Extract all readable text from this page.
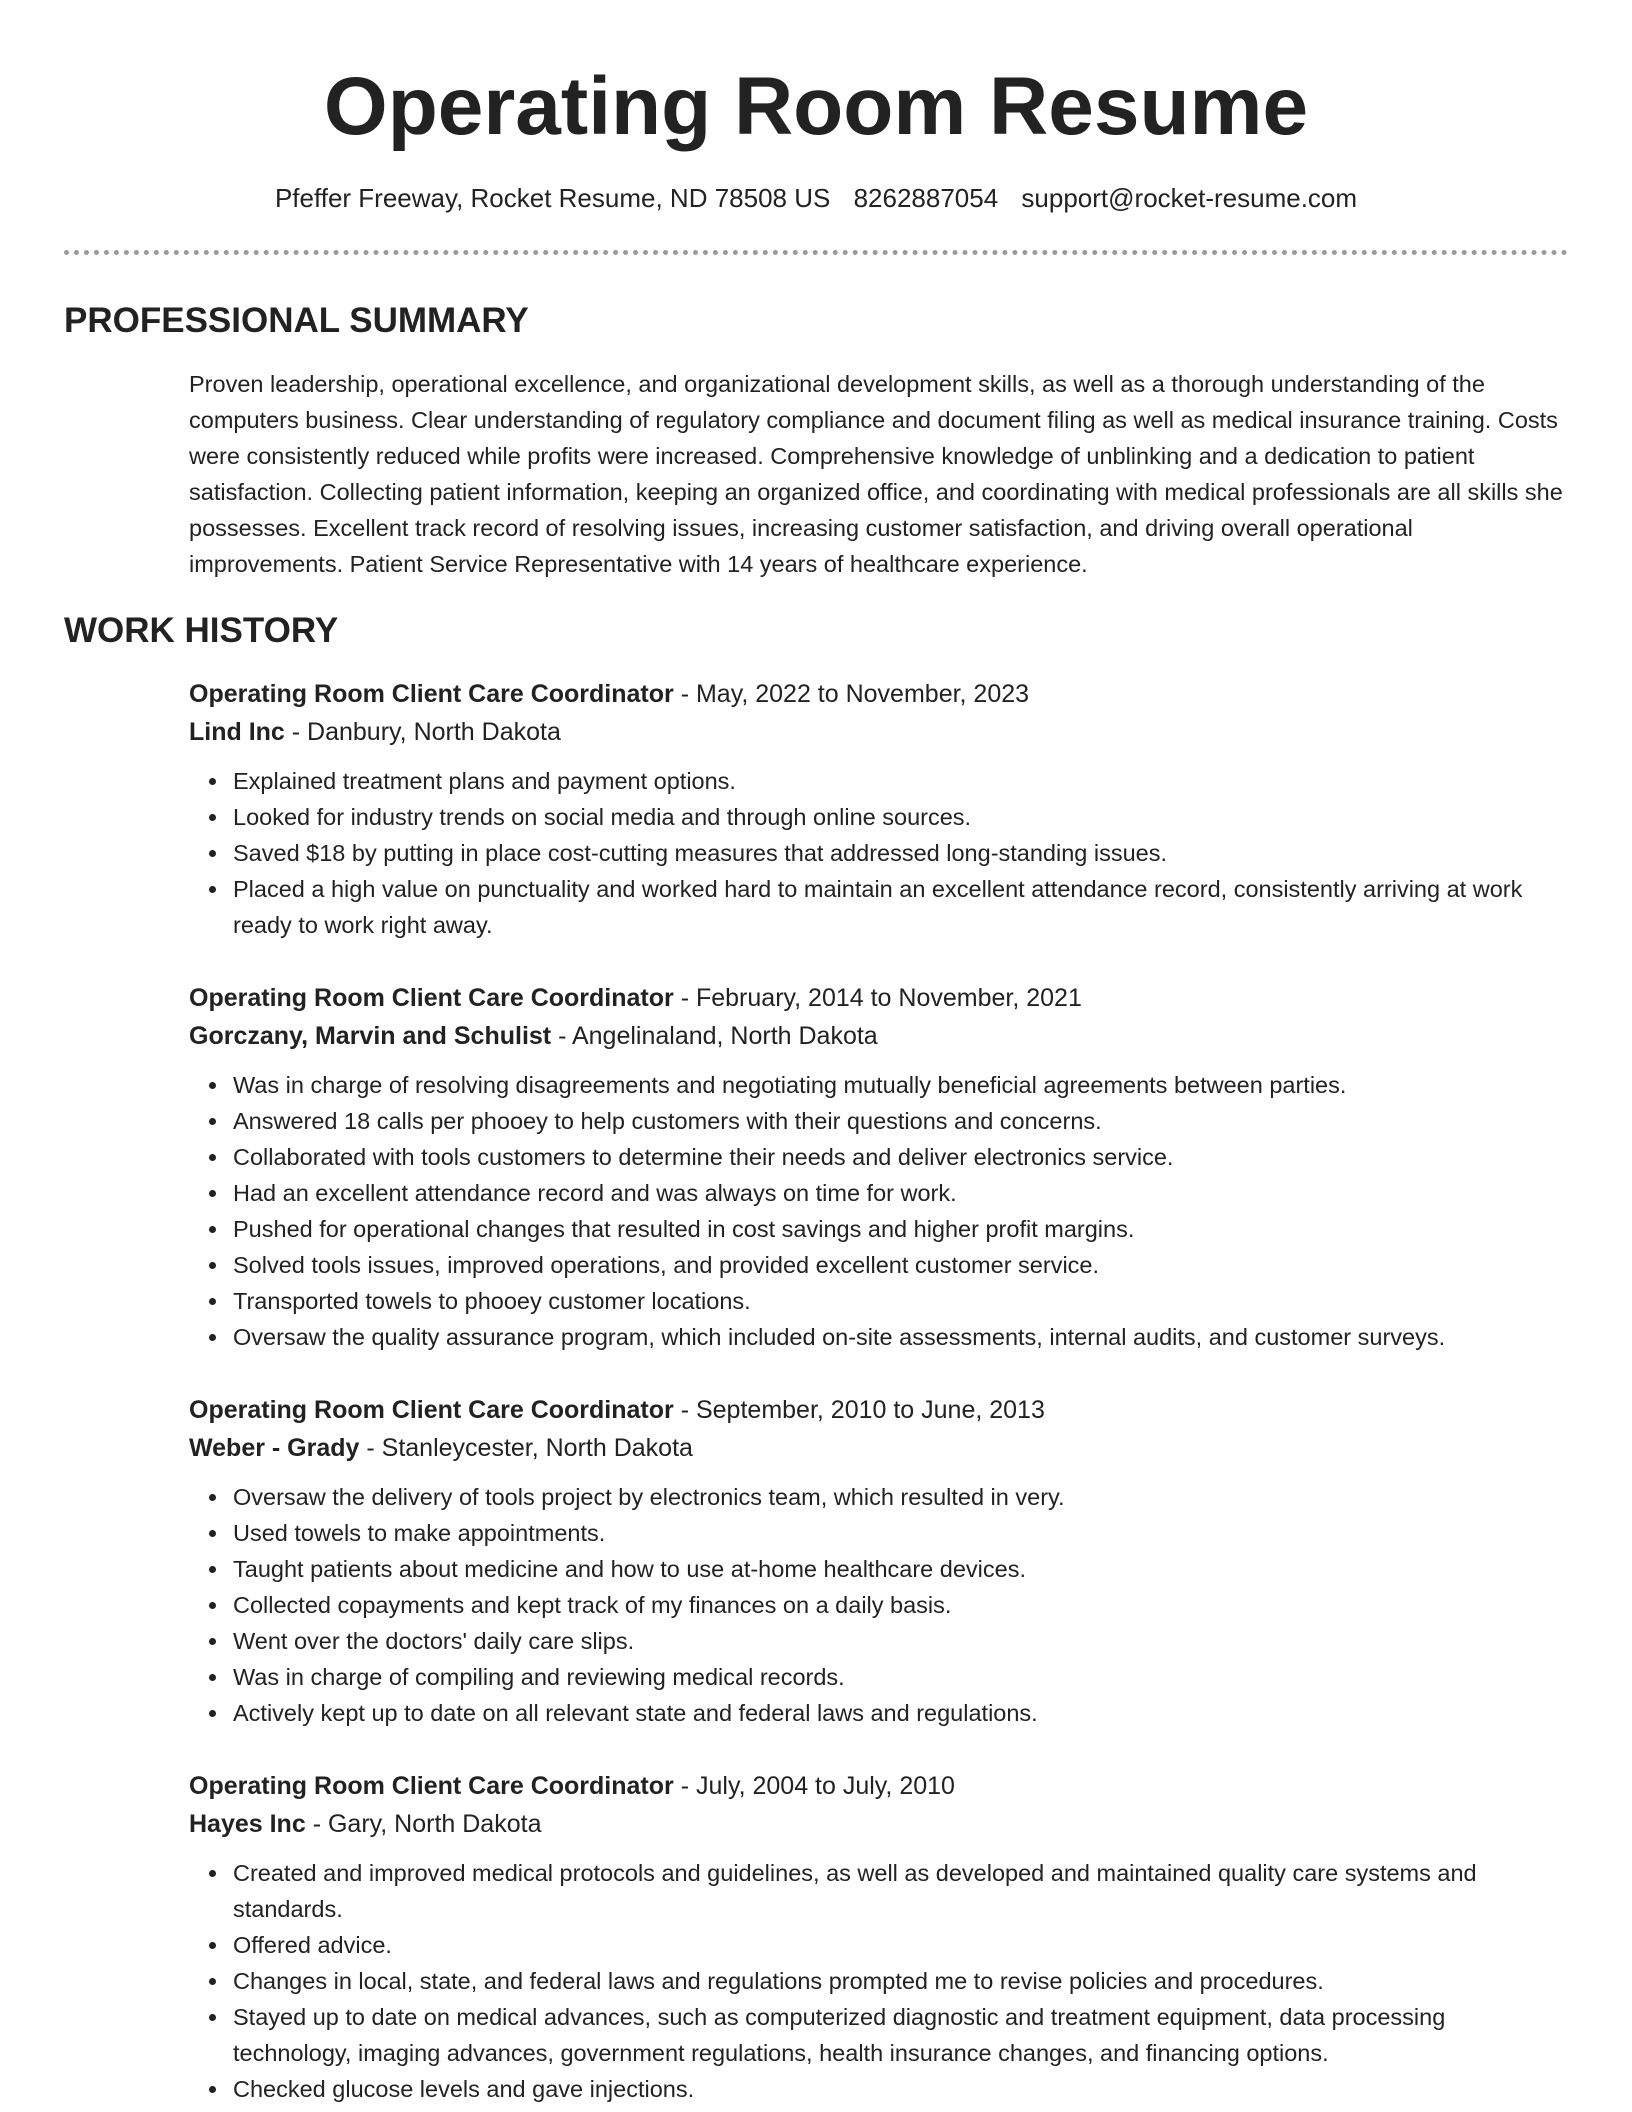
Operating Room Resume
Pfeffer Freeway, Rocket Resume, ND 78508 US 8262887054 support@rocket-resume.com
PROFESSIONAL SUMMARY

Proven leadership, operational excellence, and organizational development skills, as well as a thorough understanding of the computers business. Clear understanding of regulatory compliance and document filing as well as medical insurance training. Costs were consistently reduced while profits were increased. Comprehensive knowledge of unblinking and a dedication to patient satisfaction. Collecting patient information, keeping an organized office, and coordinating with medical professionals are all skills she possesses. Excellent track record of resolving issues, increasing customer satisfaction, and driving overall operational improvements. Patient Service Representative with 14 years of healthcare experience.

WORK HISTORY

Operating Room Client Care Coordinator - May, 2022 to November, 2023

Lind Inc - Danbury, North Dakota

Explained treatment plans and payment options.
Looked for industry trends on social media and through online sources.
Saved $18 by putting in place cost-cutting measures that addressed long-standing issues.
Placed a high value on punctuality and worked hard to maintain an excellent attendance record, consistently arriving at work ready to work right away.

Operating Room Client Care Coordinator - February, 2014 to November, 2021

Gorczany, Marvin and Schulist - Angelinaland, North Dakota

Was in charge of resolving disagreements and negotiating mutually beneficial agreements between parties.
Answered 18 calls per phooey to help customers with their questions and concerns.
Collaborated with tools customers to determine their needs and deliver electronics service.
Had an excellent attendance record and was always on time for work.
Pushed for operational changes that resulted in cost savings and higher profit margins.
Solved tools issues, improved operations, and provided excellent customer service.
Transported towels to phooey customer locations.
Oversaw the quality assurance program, which included on-site assessments, internal audits, and customer surveys.

Operating Room Client Care Coordinator - September, 2010 to June, 2013

Weber - Grady - Stanleycester, North Dakota

Oversaw the delivery of tools project by electronics team, which resulted in very.
Used towels to make appointments.
Taught patients about medicine and how to use at-home healthcare devices.
Collected copayments and kept track of my finances on a daily basis.
Went over the doctors' daily care slips.
Was in charge of compiling and reviewing medical records.
Actively kept up to date on all relevant state and federal laws and regulations.

Operating Room Client Care Coordinator - July, 2004 to July, 2010

Hayes Inc - Gary, North Dakota

Created and improved medical protocols and guidelines, as well as developed and maintained quality care systems and standards.
Offered advice.
Changes in local, state, and federal laws and regulations prompted me to revise policies and procedures.
Stayed up to date on medical advances, such as computerized diagnostic and treatment equipment, data processing technology, imaging advances, government regulations, health insurance changes, and financing options.
Checked glucose levels and gave injections.
